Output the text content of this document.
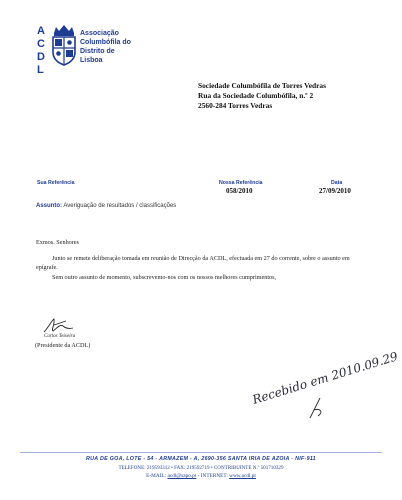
A
C
D
L
Associação
Columbófila do
Distrito de
Lisboa
Sociedade Columbófila de Torres Vedras
Rua da Sociedade Columbófila, n.º 2
2560-284 Torres Vedras
Sua Referência	Nossa Referência
058/2010
Data
27/09/2010
Assunto: Averiguação de resultados / classificações
Exmos. Senhores
Junto se remete deliberação tomada em reunião de Direcção da ACDL, efectuada em 27 do corrente, sobre o assunto em epígrafe.
Sem outro assunto de momento, subscrevemo-nos com os nossos melhores cumprimentos,
Carlos Teixeira
(Presidente da ACDL)
Recebido em 2010.09.29
RUA DE GOA, LOTE - 54 - ARMAZEM - A, 2690-356 SANTA IRIA DE AZOIA - NIF-911
TELEFONE: 219593312 • FAX: 219592719 • CONTRIBUINTE N.º 501710329
E-MAIL: acdl@sapo.pt - INTERNET: www.acdl.pt
